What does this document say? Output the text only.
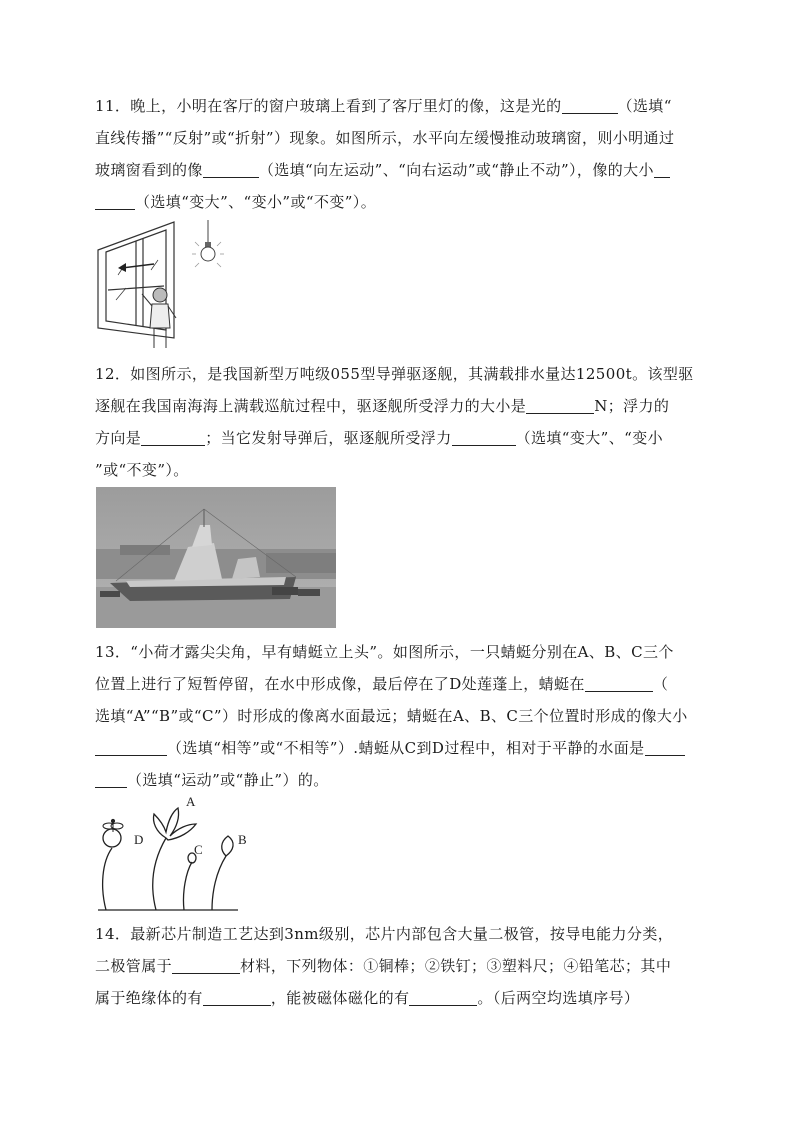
11．晚上，小明在客厅的窗户玻璃上看到了客厅里灯的像，这是光的	（选填“
直线传播”“反射”或“折射”）现象。如图所示，水平向左缓慢推动玻璃窗，则小明通过
玻璃窗看到的像	（选填“向左运动”、“向右运动”或“静止不动”），像的大小
（选填“变大”、“变小”或“不变”）。
12．如图所示，是我国新型万吨级055型导弹驱逐舰，其满载排水量达12500t。该型驱
逐舰在我国南海海上满载巡航过程中，驱逐舰所受浮力的大小是	N；浮力的
方向是	；当它发射导弹后，驱逐舰所受浮力	（选填“变大”、“变小
”或“不变”）。
13．“小荷才露尖尖角，早有蜻蜓立上头”。如图所示，一只蜻蜓分别在A、B、C三个
位置上进行了短暂停留，在水中形成像，最后停在了D处莲蓬上，蜻蜓在	（
选填“A”“B”或“C”）时形成的像离水面最远；蜻蜓在A、B、C三个位置时形成的像大小
（选填“相等”或“不相等”）.蜻蜓从C到D过程中，相对于平静的水面是
（选填“运动”或“静止”）的。
A
B
C
D
14．最新芯片制造工艺达到3nm级别，芯片内部包含大量二极管，按导电能力分类，
二极管属于	材料，下列物体：①铜棒；②铁钉；③塑料尺；④铅笔芯；其中
属于绝缘体的有	，能被磁体磁化的有	。（后两空均选填序号）
